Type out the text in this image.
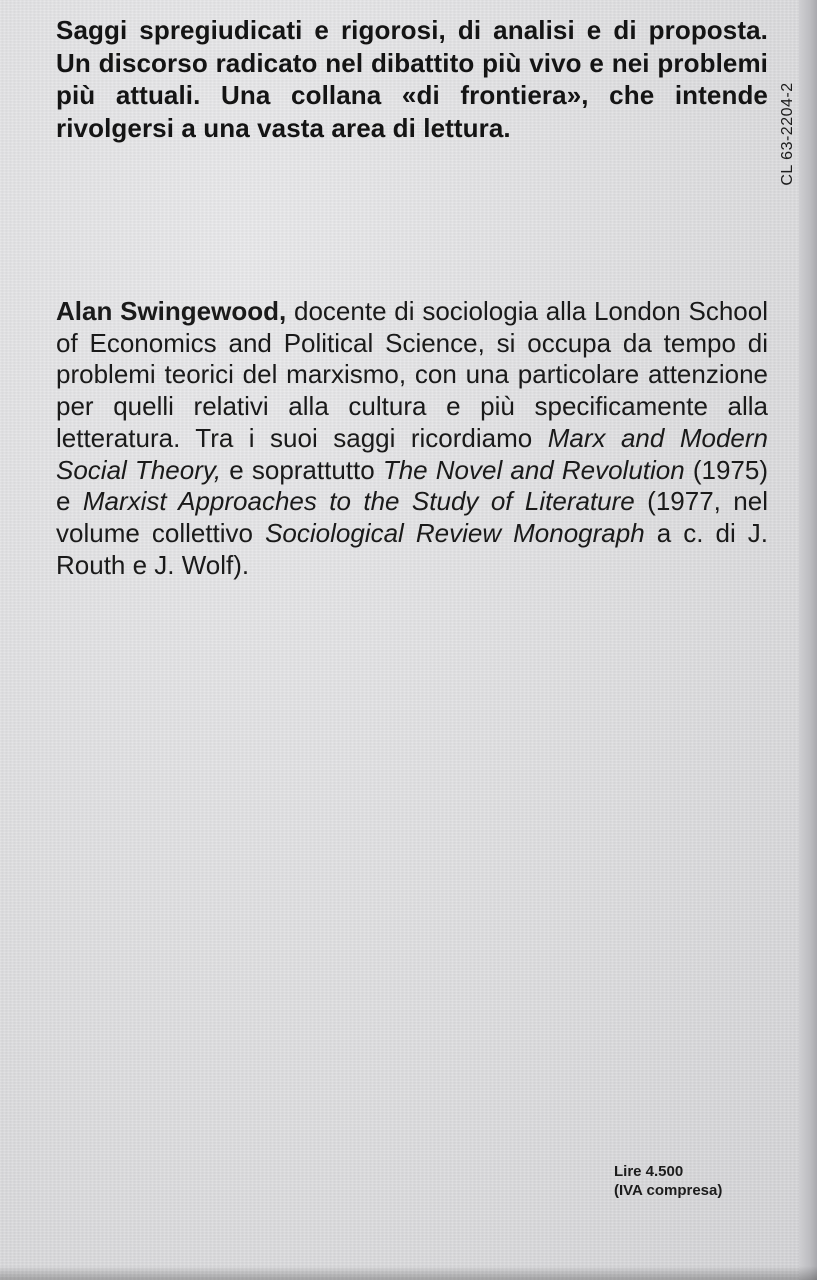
Saggi spregiudicati e rigorosi, di analisi e di proposta. Un discorso radicato nel dibattito più vivo e nei problemi più attuali. Una collana «di frontiera», che intende rivolgersi a una vasta area di lettura.

Alan Swingewood, docente di sociologia alla London School of Economics and Political Science, si occupa da tempo di problemi teorici del marxismo, con una particolare attenzione per quelli relativi alla cultura e più specificamente alla letteratura. Tra i suoi saggi ricordiamo Marx and Modern Social Theory, e soprattutto The Novel and Revolution (1975) e Marxist Approaches to the Study of Literature (1977, nel volume collettivo Sociological Review Monograph a c. di J. Routh e J. Wolf).

CL 63-2204-2
Lire 4.500
(IVA compresa)
